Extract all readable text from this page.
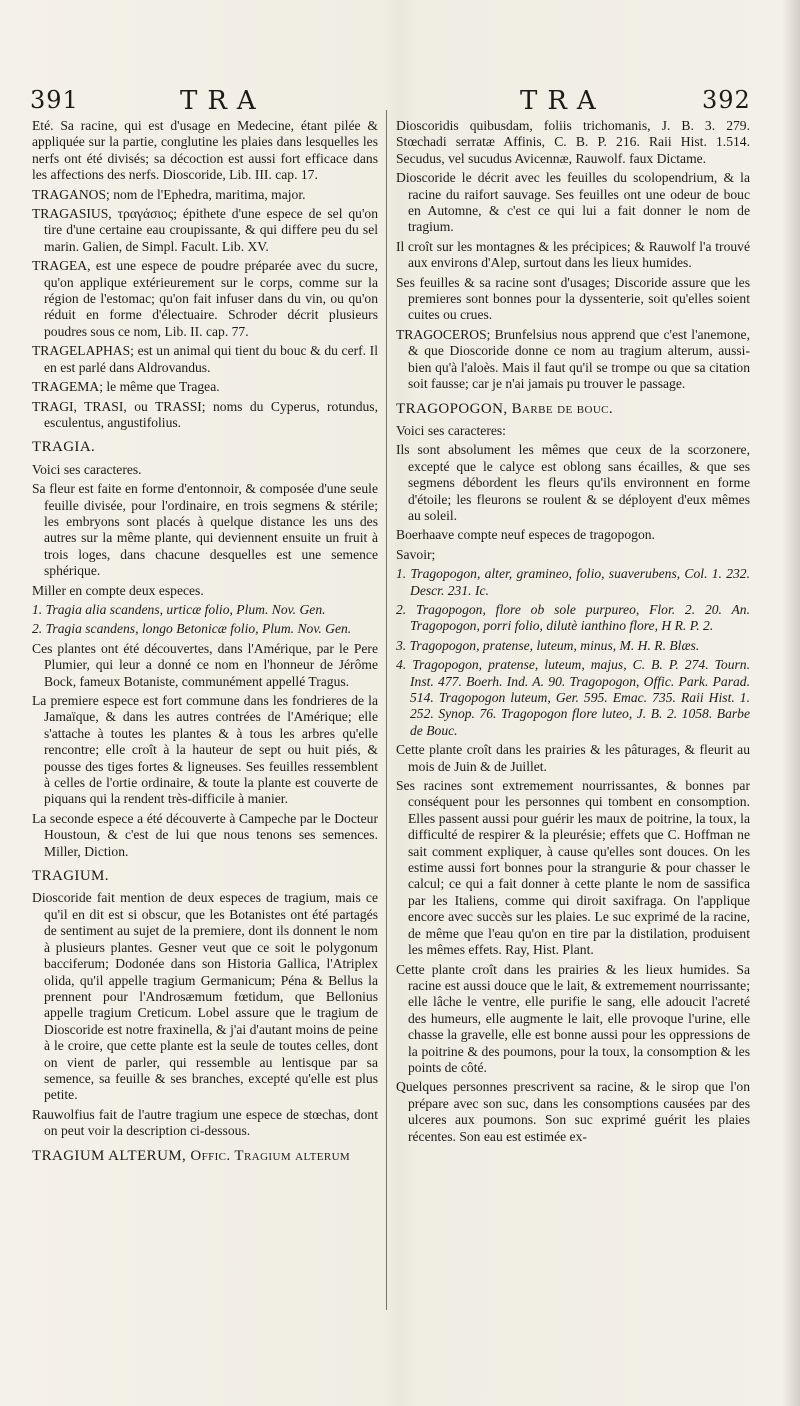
391	TRA	TRA	392
Eté. Sa racine, qui est d'usage en Medecine, étant pilée & appliquée sur la partie, conglutine les plaies dans lesquelles les nerfs ont été divisés; sa décoction est aussi fort efficace dans les affections des nerfs. Dioscoride, Lib. III. cap. 17.
TRAGANOS; nom de l'Ephedra, maritima, major.
TRAGASIUS, τραγάσιος; épithete d'une espece de sel qu'on tire d'une certaine eau croupissante, & qui differe peu du sel marin. Galien, de Simpl. Facult. Lib. XV.
TRAGEA, est une espece de poudre préparée avec du sucre, qu'on applique extérieurement sur le corps, comme sur la région de l'estomac; qu'on fait infuser dans du vin, ou qu'on réduit en forme d'électuaire. Schroder décrit plusieurs poudres sous ce nom, Lib. II. cap. 77.
TRAGELAPHAS; est un animal qui tient du bouc & du cerf. Il en est parlé dans Aldrovandus.
TRAGEMA; le même que Tragea.
TRAGI, TRASI, ou TRASSI; noms du Cyperus, rotundus, esculentus, angustifolius.
TRAGIA.
Voici ses caracteres.
Sa fleur est faite en forme d'entonnoir, & composée d'une seule feuille divisée, pour l'ordinaire, en trois segmens & stérile; les embryons sont placés à quelque distance les uns des autres sur la même plante, qui deviennent ensuite un fruit à trois loges, dans chacune desquelles est une semence sphérique.
Miller en compte deux especes.
1. Tragia alia scandens, urticæ folio, Plum. Nov. Gen.
2. Tragia scandens, longo Betonicæ folio, Plum. Nov. Gen.
Ces plantes ont été découvertes, dans l'Amérique, par le Pere Plumier, qui leur a donné ce nom en l'honneur de Jérôme Bock, fameux Botaniste, communément appellé Tragus.
La premiere espece est fort commune dans les fondrieres de la Jamaïque, & dans les autres contrées de l'Amérique; elle s'attache à toutes les plantes & à tous les arbres qu'elle rencontre; elle croît à la hauteur de sept ou huit piés, & pousse des tiges fortes & ligneuses. Ses feuilles ressemblent à celles de l'ortie ordinaire, & toute la plante est couverte de piquans qui la rendent très-difficile à manier.
La seconde espece a été découverte à Campeche par le Docteur Houstoun, & c'est de lui que nous tenons ses semences. Miller, Diction.
TRAGIUM.
Dioscoride fait mention de deux especes de tragium, mais ce qu'il en dit est si obscur, que les Botanistes ont été partagés de sentiment au sujet de la premiere, dont ils donnent le nom à plusieurs plantes. Gesner veut que ce soit le polygonum bacciferum; Dodonée dans son Historia Gallica, l'Atriplex olida, qu'il appelle tragium Germanicum; Péna & Bellus la prennent pour l'Androsæmum fœtidum, que Bellonius appelle tragium Creticum. Lobel assure que le tragium de Dioscoride est notre fraxinella, & j'ai d'autant moins de peine à le croire, que cette plante est la seule de toutes celles, dont on vient de parler, qui ressemble au lentisque par sa semence, sa feuille & ses branches, excepté qu'elle est plus petite.
Rauwolfius fait de l'autre tragium une espece de stœchas, dont on peut voir la description ci-dessous.
TRAGIUM ALTERUM, Offic. Tragium alterum
Dioscoridis quibusdam, foliis trichomanis, J. B. 3. 279. Stœchadi serratæ Affinis, C. B. P. 216. Raii Hist. 1.514. Secudus, vel sucudus Avicennæ, Rauwolf. faux Dictame.
Dioscoride le décrit avec les feuilles du scolopendrium, & la racine du raifort sauvage. Ses feuilles ont une odeur de bouc en Automne, & c'est ce qui lui a fait donner le nom de tragium.
Il croît sur les montagnes & les précipices; & Rauwolf l'a trouvé aux environs d'Alep, surtout dans les lieux humides.
Ses feuilles & sa racine sont d'usages; Discoride assure que les premieres sont bonnes pour la dyssenterie, soit qu'elles soient cuites ou crues.
TRAGOCEROS; Brunfelsius nous apprend que c'est l'anemone, & que Dioscoride donne ce nom au tragium alterum, aussi-bien qu'à l'aloès. Mais il faut qu'il se trompe ou que sa citation soit fausse; car je n'ai jamais pu trouver le passage.
TRAGOPOGON, Barbe de bouc.
Voici ses caracteres:
Ils sont absolument les mêmes que ceux de la scorzonere, excepté que le calyce est oblong sans écailles, & que ses segmens débordent les fleurs qu'ils environnent en forme d'étoile; les fleurons se roulent & se déployent d'eux mêmes au soleil.
Boerhaave compte neuf especes de tragopogon.
Savoir;
1. Tragopogon, alter, gramineo, folio, suaverubens, Col. 1. 232. Descr. 231. Ic.
2. Tragopogon, flore ob sole purpureo, Flor. 2. 20. An. Tragopogon, porri folio, dilutè ianthino flore, H R. P. 2.
3. Tragopogon, pratense, luteum, minus, M. H. R. Blæs.
4. Tragopogon, pratense, luteum, majus, C. B. P. 274. Tourn. Inst. 477. Boerh. Ind. A. 90. Tragopogon, Offic. Park. Parad. 514. Tragopogon luteum, Ger. 595. Emac. 735. Raii Hist. 1. 252. Synop. 76. Tragopogon flore luteo, J. B. 2. 1058. Barbe de Bouc.
Cette plante croît dans les prairies & les pâturages, & fleurit au mois de Juin & de Juillet.
Ses racines sont extremement nourrissantes, & bonnes par conséquent pour les personnes qui tombent en consomption. Elles passent aussi pour guérir les maux de poitrine, la toux, la difficulté de respirer & la pleurésie; effets que C. Hoffman ne sait comment expliquer, à cause qu'elles sont douces. On les estime aussi fort bonnes pour la strangurie & pour chasser le calcul; ce qui a fait donner à cette plante le nom de sassifica par les Italiens, comme qui diroit saxifraga. On l'applique encore avec succès sur les plaies. Le suc exprimé de la racine, de même que l'eau qu'on en tire par la distilation, produisent les mêmes effets. Ray, Hist. Plant.
Cette plante croît dans les prairies & les lieux humides. Sa racine est aussi douce que le lait, & extremement nourrissante; elle lâche le ventre, elle purifie le sang, elle adoucit l'acreté des humeurs, elle augmente le lait, elle provoque l'urine, elle chasse la gravelle, elle est bonne aussi pour les oppressions de la poitrine & des poumons, pour la toux, la consomption & les points de côté.
Quelques personnes prescrivent sa racine, & le sirop que l'on prépare avec son suc, dans les consomptions causées par des ulceres aux poumons. Son suc exprimé guérit les plaies récentes. Son eau est estimée ex-
